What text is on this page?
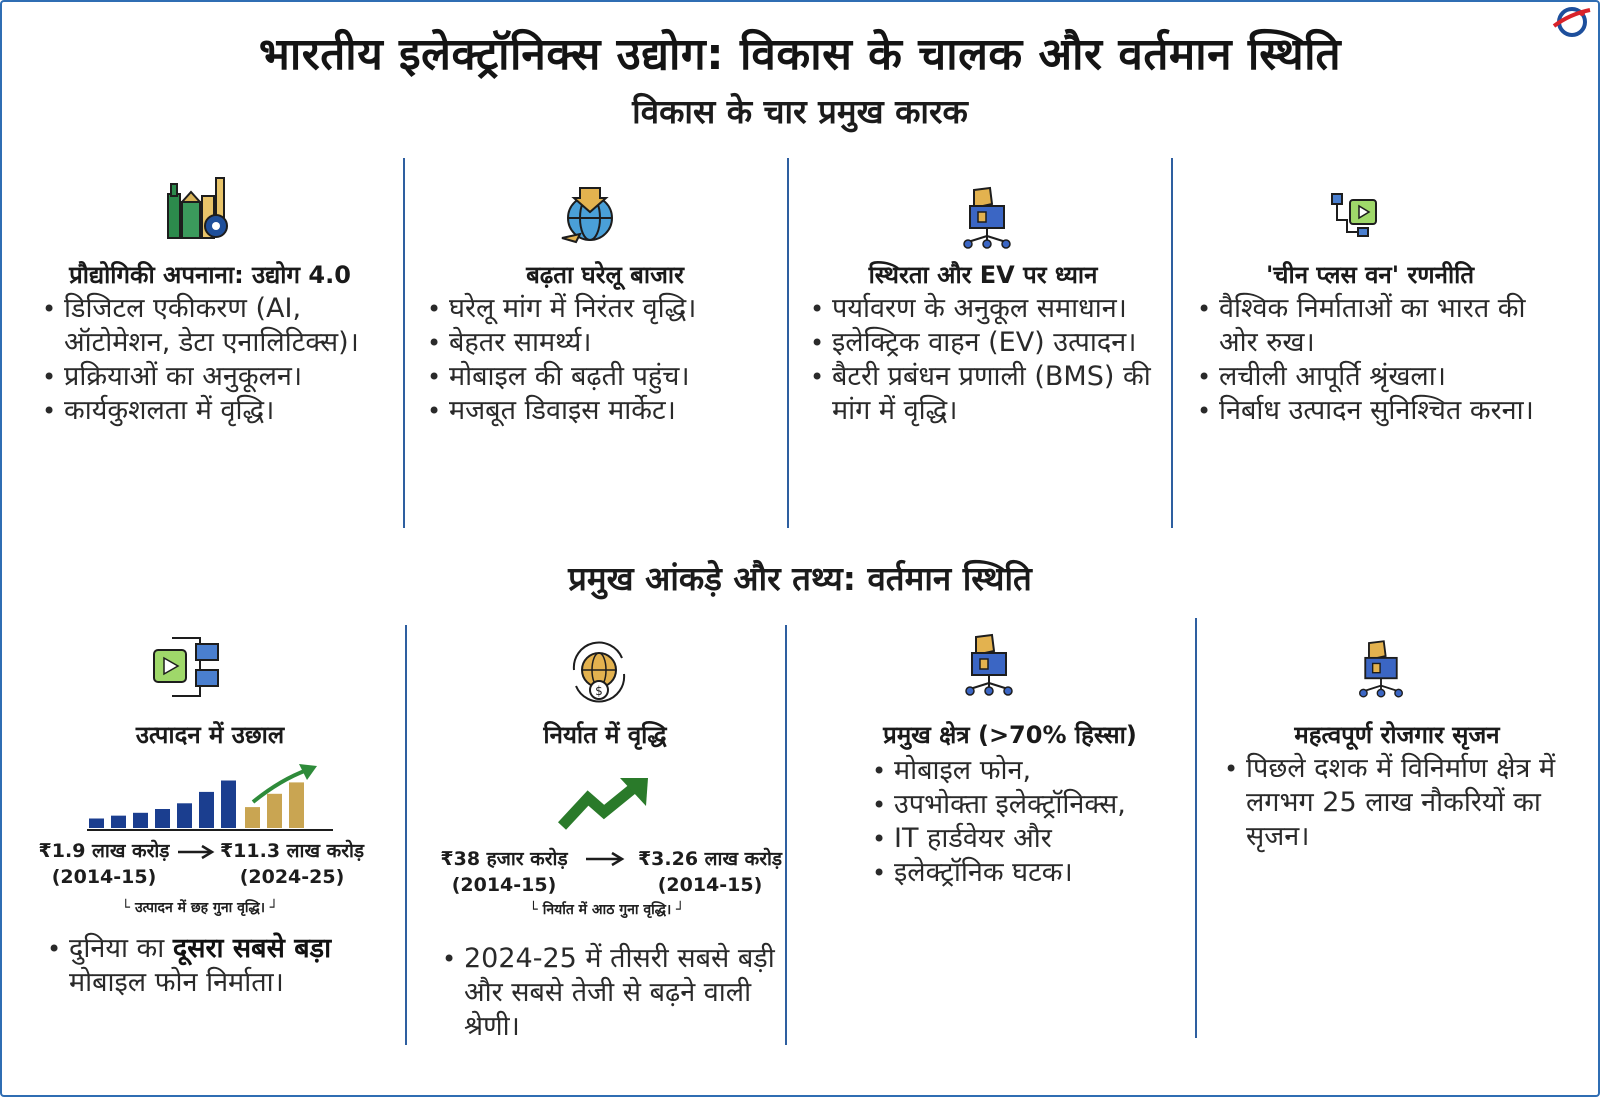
भारतीय इलेक्ट्रॉनिक्स उद्योग: विकास के चालक और वर्तमान स्थिति
विकास के चार प्रमुख कारक
प्रौद्योगिकी अपनाना: उद्योग 4.0
• डिजिटल एकीकरण (AI, ऑटोमेशन, डेटा एनालिटिक्स)।
• प्रक्रियाओं का अनुकूलन।
• कार्यकुशलता में वृद्धि।
बढ़ता घरेलू बाजार
• घरेलू मांग में निरंतर वृद्धि।
• बेहतर सामर्थ्य।
• मोबाइल की बढ़ती पहुंच।
• मजबूत डिवाइस मार्केट।
स्थिरता और EV पर ध्यान
• पर्यावरण के अनुकूल समाधान।
• इलेक्ट्रिक वाहन (EV) उत्पादन।
• बैटरी प्रबंधन प्रणाली (BMS) की मांग में वृद्धि।
'चीन प्लस वन' रणनीति
• वैश्विक निर्माताओं का भारत की ओर रुख।
• लचीली आपूर्ति श्रृंखला।
• निर्बाध उत्पादन सुनिश्चित करना।
प्रमुख आंकड़े और तथ्य: वर्तमान स्थिति
उत्पादन में उछाल
₹1.9 लाख करोड़
(2014-15)
₹11.3 लाख करोड़
(2024-25)
└ उत्पादन में छह गुना वृद्धि। ┘
• दुनिया का दूसरा सबसे बड़ा मोबाइल फोन निर्माता।
$
निर्यात में वृद्धि
₹38 हजार करोड़
(2014-15)
₹3.26 लाख करोड़
(2014-15)
└ निर्यात में आठ गुना वृद्धि। ┘
• 2024-25 में तीसरी सबसे बड़ी और सबसे तेजी से बढ़ने वाली श्रेणी।
प्रमुख क्षेत्र (>70% हिस्सा)
• मोबाइल फोन,
• उपभोक्ता इलेक्ट्रॉनिक्स,
• IT हार्डवेयर और
• इलेक्ट्रॉनिक घटक।
महत्वपूर्ण रोजगार सृजन
• पिछले दशक में विनिर्माण क्षेत्र में लगभग 25 लाख नौकरियों का सृजन।
